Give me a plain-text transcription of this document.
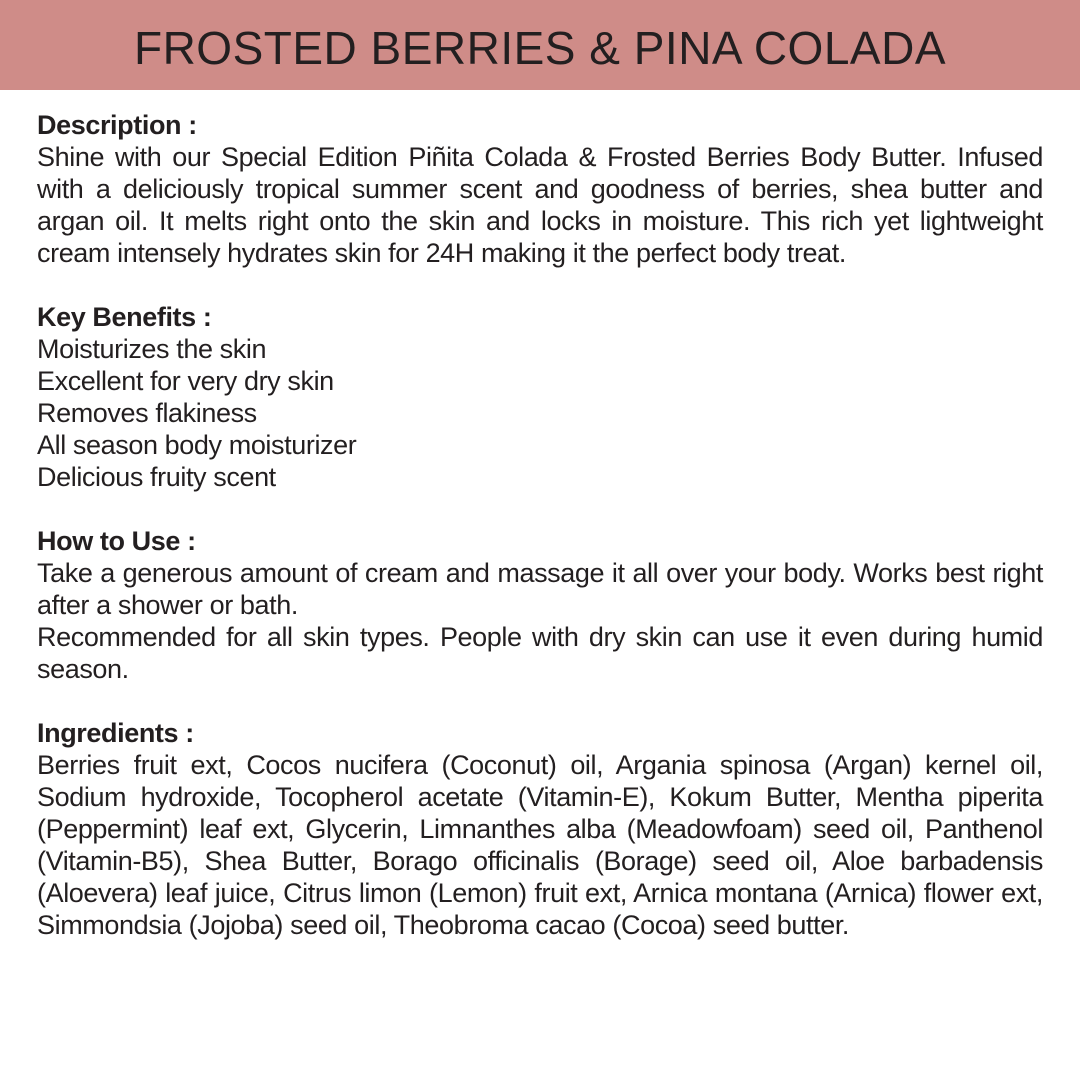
FROSTED BERRIES & PINA COLADA
Description :

Shine with our Special Edition Piñita Colada & Frosted Berries Body Butter. Infused with a deliciously tropical summer scent and goodness of berries, shea butter and argan oil. It melts right onto the skin and locks in moisture. This rich yet lightweight cream intensely hydrates skin for 24H making it the perfect body treat.

Key Benefits :
Moisturizes the skin
Excellent for very dry skin
Removes flakiness
All season body moisturizer
Delicious fruity scent
How to Use :

Take a generous amount of cream and massage it all over your body. Works best right after a shower or bath.

Recommended for all skin types. People with dry skin can use it even during humid season.

Ingredients :

Berries fruit ext, Cocos nucifera (Coconut) oil, Argania spinosa (Argan) kernel oil, Sodium hydroxide, Tocopherol acetate (Vitamin-E), Kokum Butter, Mentha piperita (Peppermint) leaf ext, Glycerin, Limnanthes alba (Meadowfoam) seed oil, Panthenol (Vitamin-B5), Shea Butter, Borago officinalis (Borage) seed oil, Aloe barbadensis (Aloevera) leaf juice, Citrus limon (Lemon) fruit ext, Arnica montana (Arnica) flower ext, Simmondsia (Jojoba) seed oil, Theobroma cacao (Cocoa) seed butter.
